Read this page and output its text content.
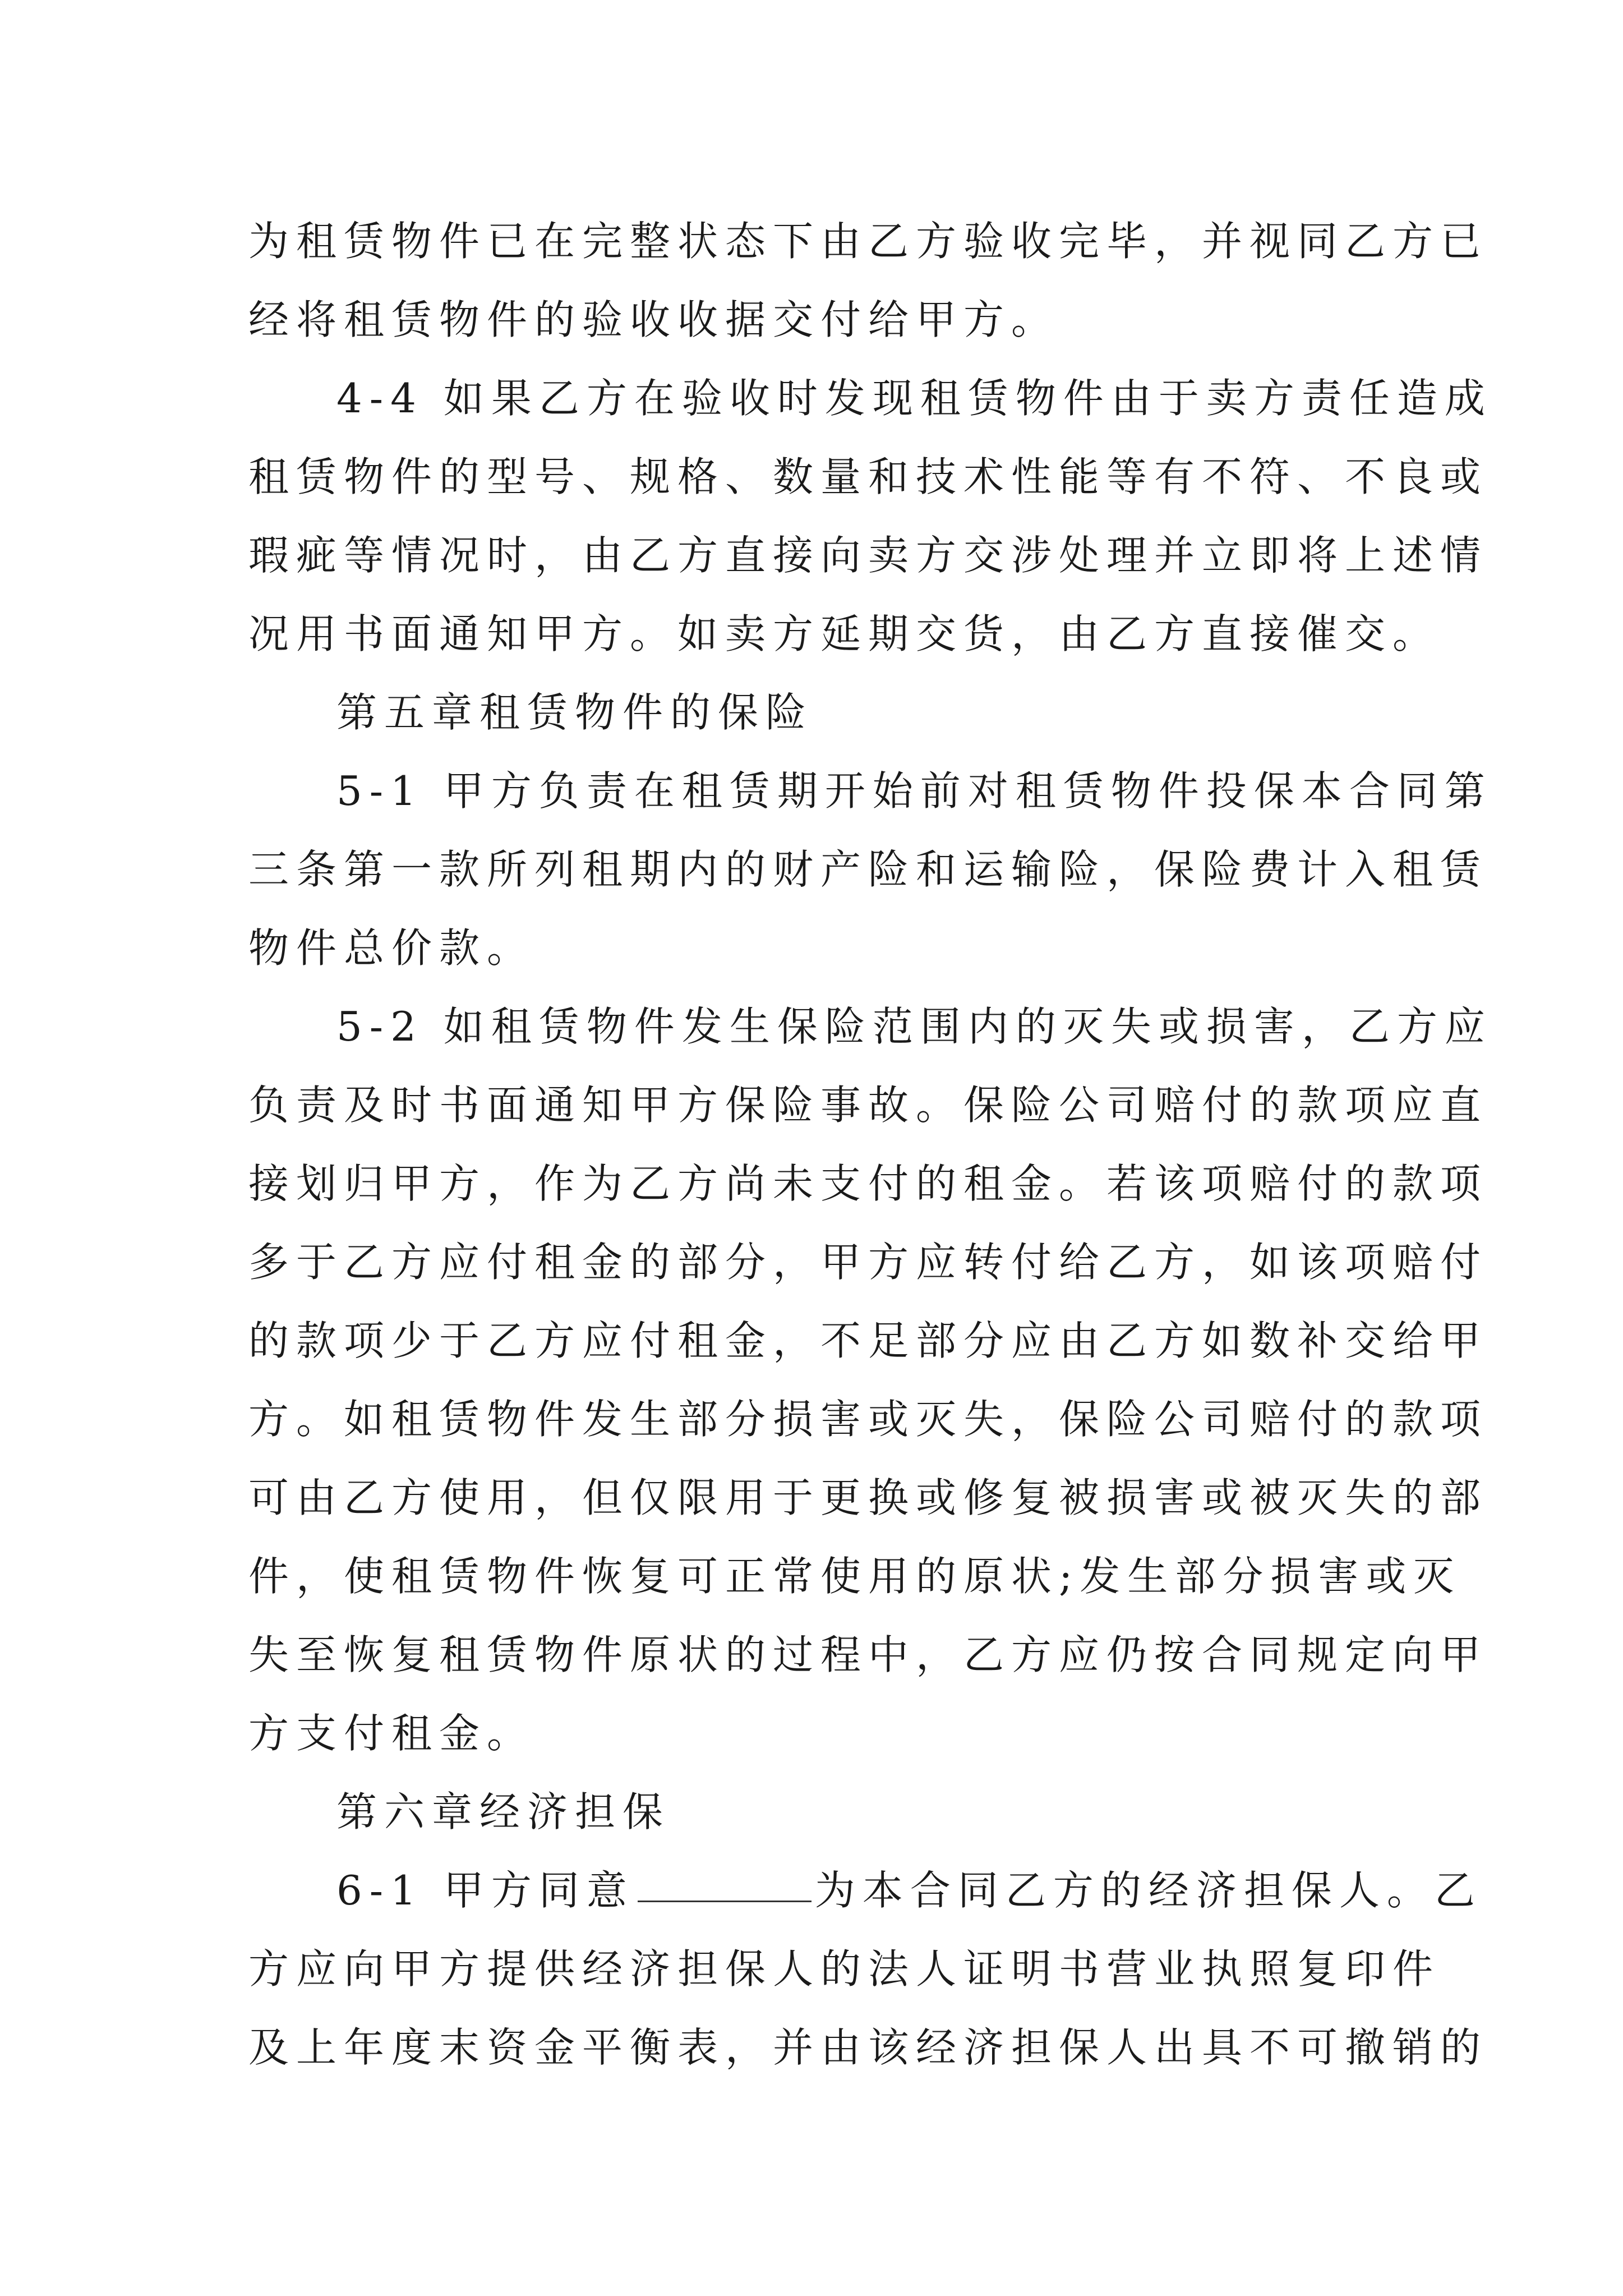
为租赁物件已在完整状态下由乙方验收完毕，并视同乙方已
经将租赁物件的验收收据交付给甲方。
4-4 如果乙方在验收时发现租赁物件由于卖方责任造成
租赁物件的型号、规格、数量和技术性能等有不符、不良或
瑕疵等情况时，由乙方直接向卖方交涉处理并立即将上述情
况用书面通知甲方。如卖方延期交货，由乙方直接催交。
第五章租赁物件的保险
5-1 甲方负责在租赁期开始前对租赁物件投保本合同第
三条第一款所列租期内的财产险和运输险，保险费计入租赁
物件总价款。
5-2 如租赁物件发生保险范围内的灭失或损害，乙方应
负责及时书面通知甲方保险事故。保险公司赔付的款项应直
接划归甲方，作为乙方尚未支付的租金。若该项赔付的款项
多于乙方应付租金的部分，甲方应转付给乙方，如该项赔付
的款项少于乙方应付租金，不足部分应由乙方如数补交给甲
方。如租赁物件发生部分损害或灭失，保险公司赔付的款项
可由乙方使用，但仅限用于更换或修复被损害或被灭失的部
件，使租赁物件恢复可正常使用的原状;发生部分损害或灭
失至恢复租赁物件原状的过程中，乙方应仍按合同规定向甲
方支付租金。
第六章经济担保
6-1 甲方同意	为本合同乙方的经济担保人。乙
方应向甲方提供经济担保人的法人证明书营业执照复印件
及上年度末资金平衡表，并由该经济担保人出具不可撤销的
